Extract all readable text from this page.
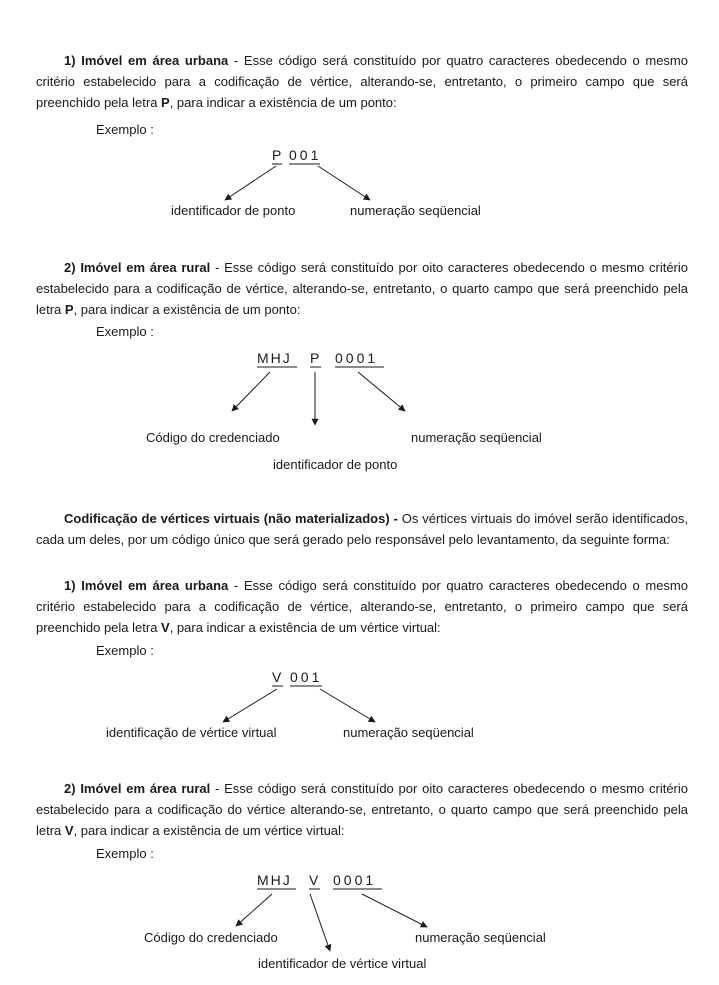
1) Imóvel em área urbana - Esse código será constituído por quatro caracteres obedecendo o mesmo critério estabelecido para a codificação de vértice, alterando-se, entretanto, o primeiro campo que será preenchido pela letra P, para indicar a existência de um ponto:

Exemplo :

P 001
identificador de ponto	numeração seqüencial

2) Imóvel em área rural - Esse código será constituído por oito caracteres obedecendo o mesmo critério estabelecido para a codificação de vértice, alterando-se, entretanto, o quarto campo que será preenchido pela letra P, para indicar a existência de um ponto:

Exemplo :

MHJ P 0001
Código do credenciado	numeração seqüencial
identificador de ponto

Codificação de vértices virtuais (não materializados) - Os vértices virtuais do imóvel serão identificados, cada um deles, por um código único que será gerado pelo responsável pelo levantamento, da seguinte forma:

1) Imóvel em área urbana - Esse código será constituído por quatro caracteres obedecendo o mesmo critério estabelecido para a codificação de vértice, alterando-se, entretanto, o primeiro campo que será preenchido pela letra V, para indicar a existência de um vértice virtual:

Exemplo :

V 001
identificação de vértice virtual	numeração seqüencial

2) Imóvel em área rural - Esse código será constituído por oito caracteres obedecendo o mesmo critério estabelecido para a codificação do vértice alterando-se, entretanto, o quarto campo que será preenchido pela letra V, para indicar a existência de um vértice virtual:

Exemplo :

MHJ V 0001
Código do credenciado	numeração seqüencial
identificador de vértice virtual
